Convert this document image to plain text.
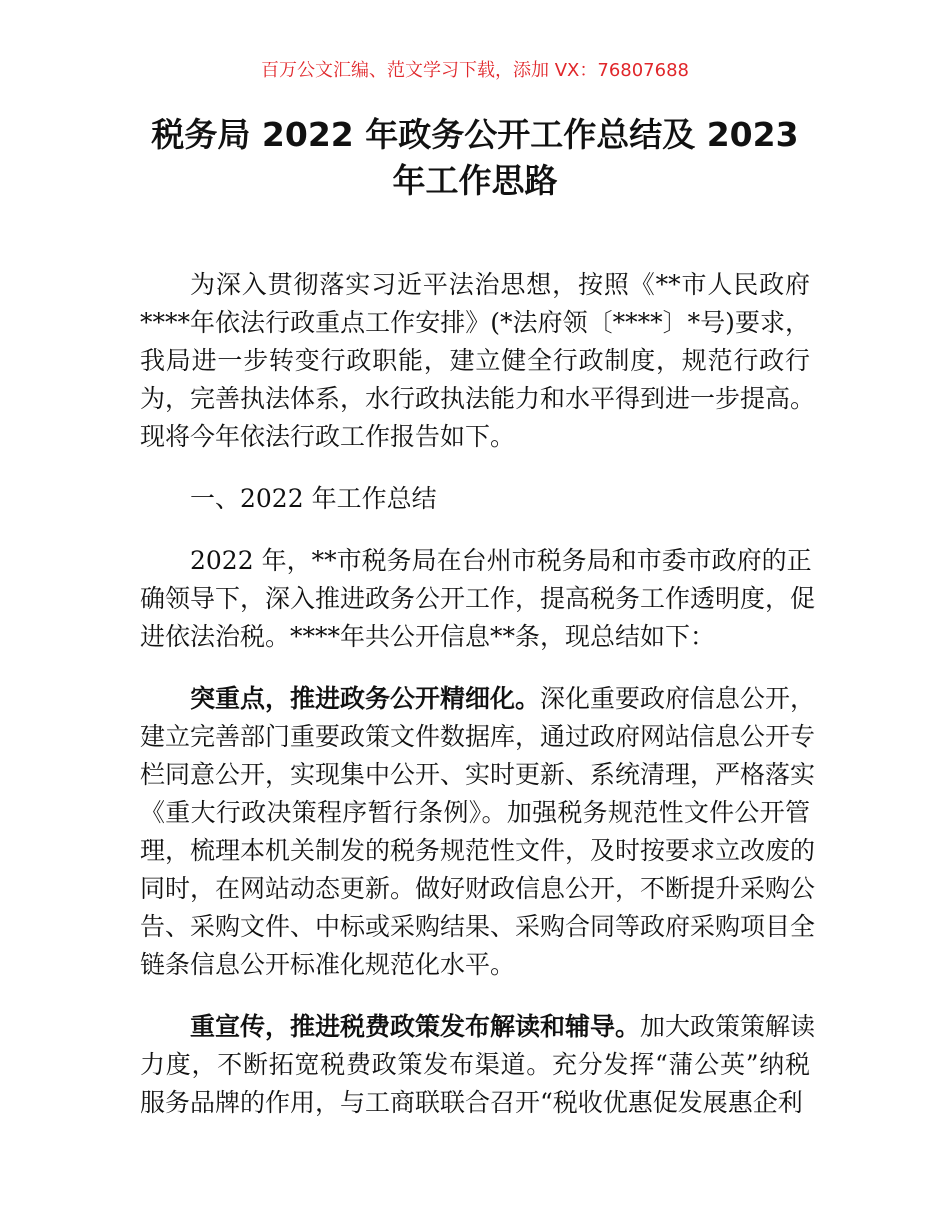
百万公文汇编、范文学习下载，添加 VX：76807688
税务局 2022 年政务公开工作总结及 2023
年工作思路
为深入贯彻落实习近平法治思想，按照《**市人民政府
****年依法行政重点工作安排》(*法府领〔****〕*号)要求，
我局进一步转变行政职能，建立健全行政制度，规范行政行
为，完善执法体系，水行政执法能力和水平得到进一步提高。
现将今年依法行政工作报告如下。
一、2022 年工作总结
2022 年，**市税务局在台州市税务局和市委市政府的正
确领导下，深入推进政务公开工作，提高税务工作透明度，促
进依法治税。****年共公开信息**条，现总结如下：
突重点，推进政务公开精细化。深化重要政府信息公开，
建立完善部门重要政策文件数据库，通过政府网站信息公开专
栏同意公开，实现集中公开、实时更新、系统清理，严格落实
《重大行政决策程序暂行条例》。加强税务规范性文件公开管
理，梳理本机关制发的税务规范性文件，及时按要求立改废的
同时，在网站动态更新。做好财政信息公开，不断提升采购公
告、采购文件、中标或采购结果、采购合同等政府采购项目全
链条信息公开标准化规范化水平。
重宣传，推进税费政策发布解读和辅导。加大政策策解读
力度，不断拓宽税费政策发布渠道。充分发挥“蒲公英”纳税
服务品牌的作用，与工商联联合召开“税收优惠促发展惠企利
